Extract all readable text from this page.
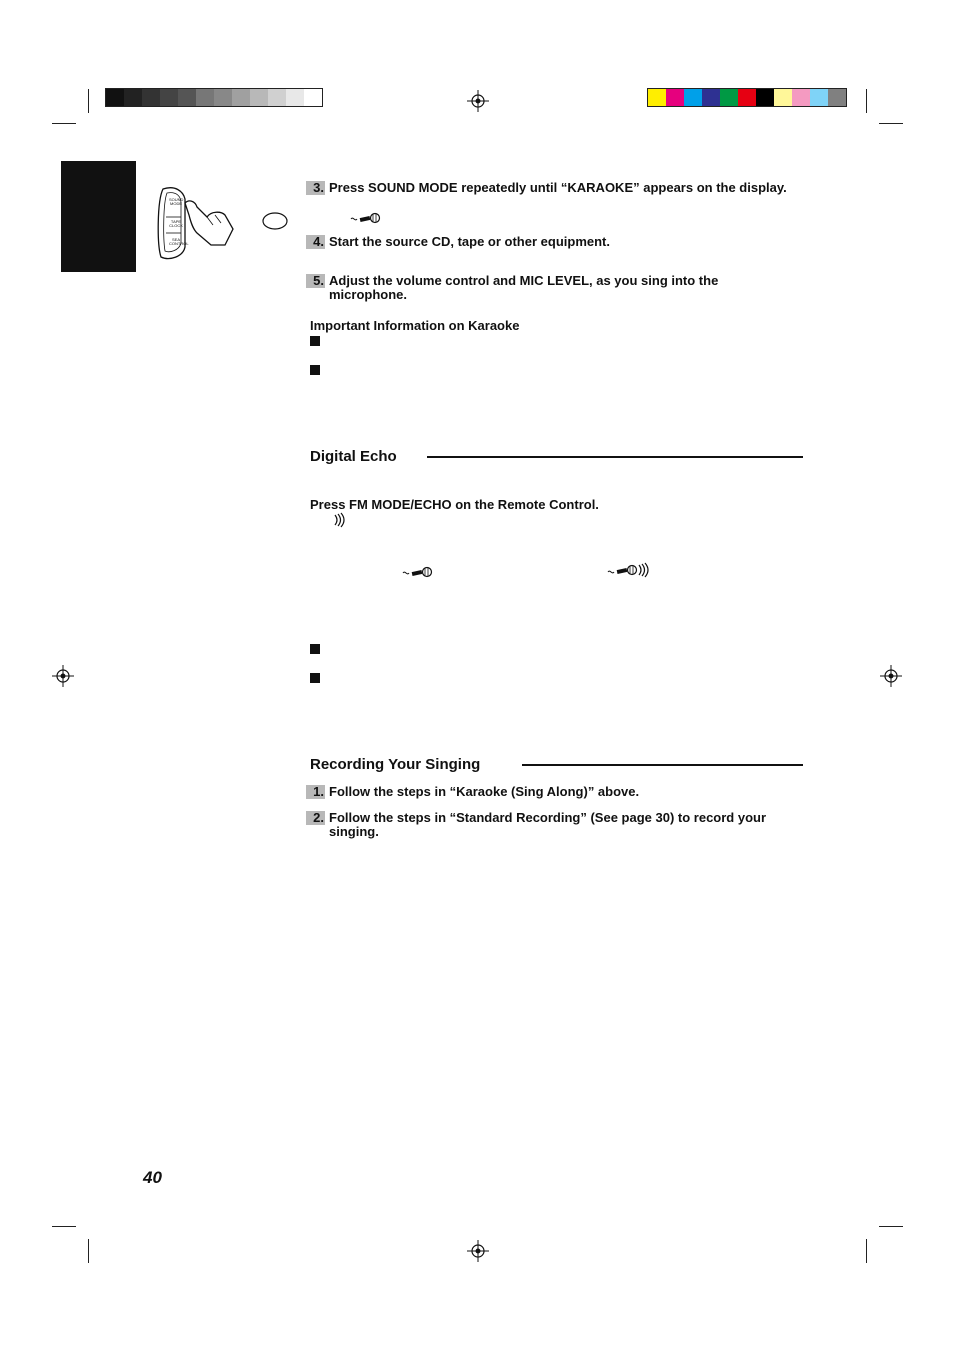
SOUND MODE
TAPE CLOCK
SEA CONTROL
3. Press SOUND MODE repeatedly until “KARAOKE” appears on the display.
4. Start the source CD, tape or other equipment.
5. Adjust the volume control and MIC LEVEL, as you sing into the microphone.
Important Information on Karaoke
Digital Echo
Press FM MODE/ECHO on the Remote Control.
Recording Your Singing
1. Follow the steps in “Karaoke (Sing Along)” above.
2. Follow the steps in “Standard Recording” (See page 30) to record your singing.
40
